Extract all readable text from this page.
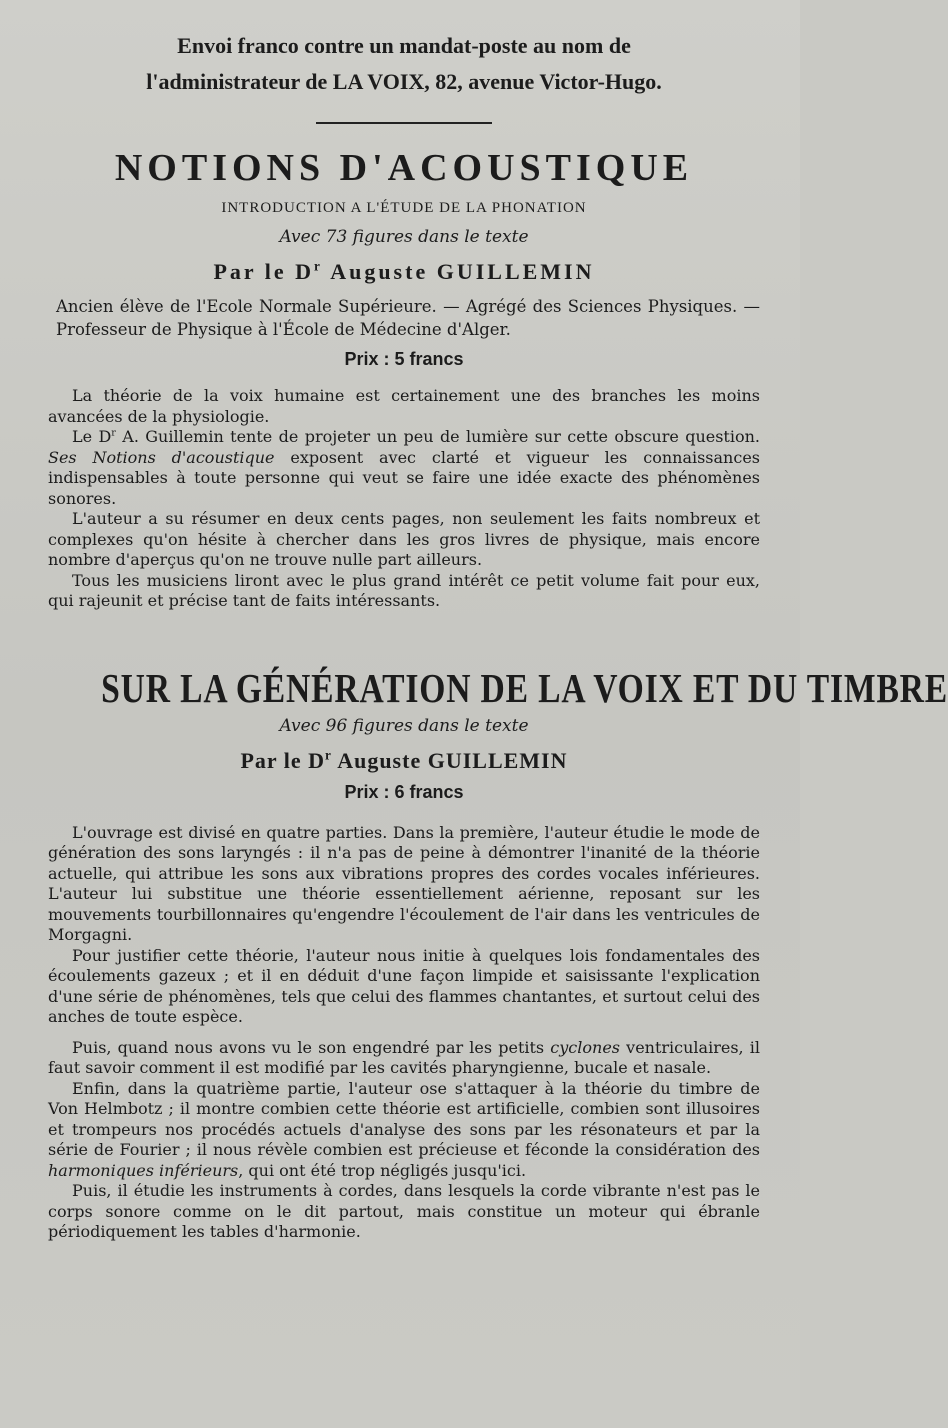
Envoi franco contre un mandat-poste au nom de

l'administrateur de LA VOIX, 82, avenue Victor-Hugo.

NOTIONS D'ACOUSTIQUE

INTRODUCTION A L'ÉTUDE DE LA PHONATION

Avec 73 figures dans le texte

Par le $D^r$ Auguste GUILLEMIN

Ancien élève de l'Ecole Normale Supérieure. — Agrégé des Sciences Physiques. — Professeur de Physique à l'École de Médecine d'Alger.

Prix : 5 francs

La théorie de la voix humaine est certainement une des branches les moins avancées de la physiologie.

Le $D^r$ A. Guillemin tente de projeter un peu de lumière sur cette obscure question. Ses Notions d'acoustique exposent avec clarté et vigueur les connaissances indispensables à toute personne qui veut se faire une idée exacte des phénomènes sonores.

L'auteur a su résumer en deux cents pages, non seulement les faits nombreux et complexes qu'on hésite à chercher dans les gros livres de physique, mais encore nombre d'aperçus qu'on ne trouve nulle part ailleurs.

Tous les musiciens liront avec le plus grand intérêt ce petit volume fait pour eux, qui rajeunit et précise tant de faits intéressants.

SUR LA GÉNÉRATION DE LA VOIX ET DU TIMBRE

Avec 96 figures dans le texte

Par le $D^r$ Auguste GUILLEMIN

Prix : 6 francs

L'ouvrage est divisé en quatre parties. Dans la première, l'auteur étudie le mode de génération des sons laryngés : il n'a pas de peine à démontrer l'inanité de la théorie actuelle, qui attribue les sons aux vibrations propres des cordes vocales inférieures. L'auteur lui substitue une théorie essentiellement aérienne, reposant sur les mouvements tourbillonnaires qu'engendre l'écoulement de l'air dans les ventricules de Morgagni.

Pour justifier cette théorie, l'auteur nous initie à quelques lois fondamentales des écoulements gazeux ; et il en déduit d'une façon limpide et saisissante l'explication d'une série de phénomènes, tels que celui des flammes chantantes, et surtout celui des anches de toute espèce.

Puis, quand nous avons vu le son engendré par les petits cyclones ventriculaires, il faut savoir comment il est modifié par les cavités pharyngienne, bucale et nasale.

Enfin, dans la quatrième partie, l'auteur ose s'attaquer à la théorie du timbre de Von Helmbotz ; il montre combien cette théorie est artificielle, combien sont illusoires et trompeurs nos procédés actuels d'analyse des sons par les résonateurs et par la série de Fourier ; il nous révèle combien est précieuse et féconde la considération des harmoniques inférieurs, qui ont été trop négligés jusqu'ici.

Puis, il étudie les instruments à cordes, dans lesquels la corde vibrante n'est pas le corps sonore comme on le dit partout, mais constitue un moteur qui ébranle périodiquement les tables d'harmonie.
